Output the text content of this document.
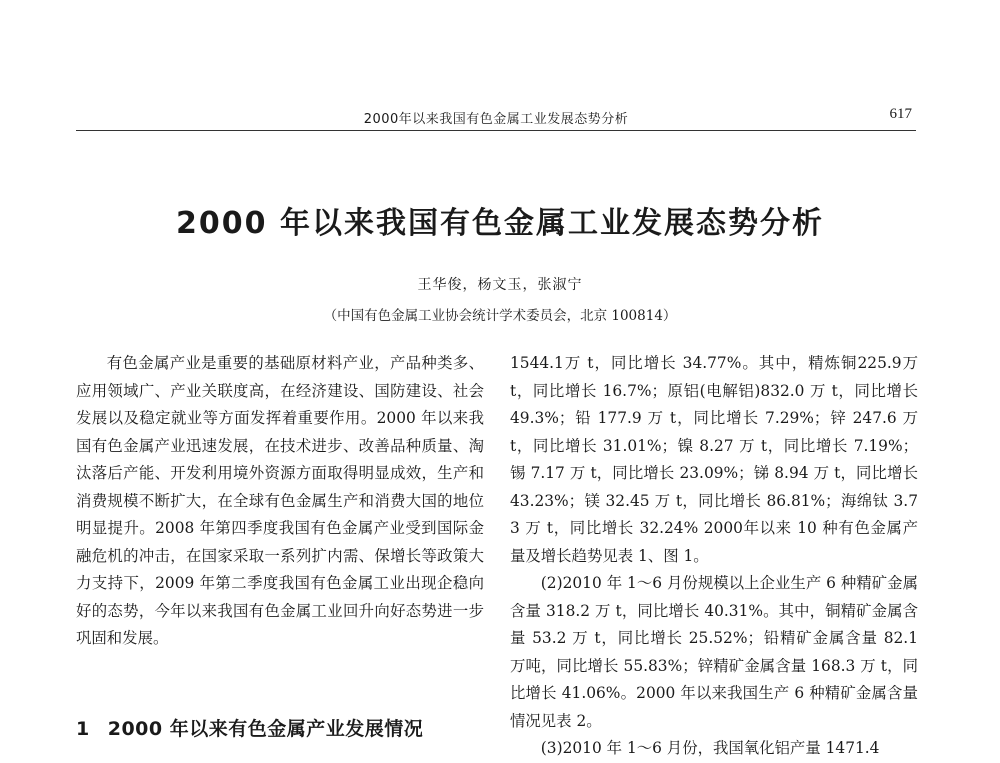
2000年以来我国有色金属工业发展态势分析	617
2000 年以来我国有色金属工业发展态势分析
王华俊，杨文玉，张淑宁
（中国有色金属工业协会统计学术委员会，北京 100814）

有色金属产业是重要的基础原材料产业，产品种类多、应用领域广、产业关联度高，在经济建设、国防建设、社会发展以及稳定就业等方面发挥着重要作用。2000 年以来我国有色金属产业迅速发展，在技术进步、改善品种质量、淘汰落后产能、开发利用境外资源方面取得明显成效，生产和消费规模不断扩大，在全球有色金属生产和消费大国的地位明显提升。2008 年第四季度我国有色金属产业受到国际金融危机的冲击，在国家采取一系列扩内需、保增长等政策大力支持下，2009 年第二季度我国有色金属工业出现企稳向好的态势，今年以来我国有色金属工业回升向好态势进一步巩固和发展。

1 2000 年以来有色金属产业发展情况

1544.1万 t，同比增长 34.77%。其中，精炼铜225.9万 t，同比增长 16.7%；原铝(电解铝)832.0 万 t，同比增长 49.3%；铅 177.9 万 t，同比增长 7.29%；锌 247.6 万 t，同比增长 31.01%；镍 8.27 万 t，同比增长 7.19%；锡 7.17 万 t，同比增长 23.09%；锑 8.94 万 t，同比增长 43.23%；镁 32.45 万 t，同比增长 86.81%；海绵钛 3.73 万 t，同比增长 32.24% 2000年以来 10 种有色金属产量及增长趋势见表 1、图 1。

(2)2010 年 1～6 月份规模以上企业生产 6 种精矿金属含量 318.2 万 t，同比增长 40.31%。其中，铜精矿金属含量 53.2 万 t，同比增长 25.52%；铅精矿金属含量 82.1 万吨，同比增长 55.83%；锌精矿金属含量 168.3 万 t，同比增长 41.06%。2000 年以来我国生产 6 种精矿金属含量情况见表 2。

(3)2010 年 1～6 月份，我国氧化铝产量 1471.4
